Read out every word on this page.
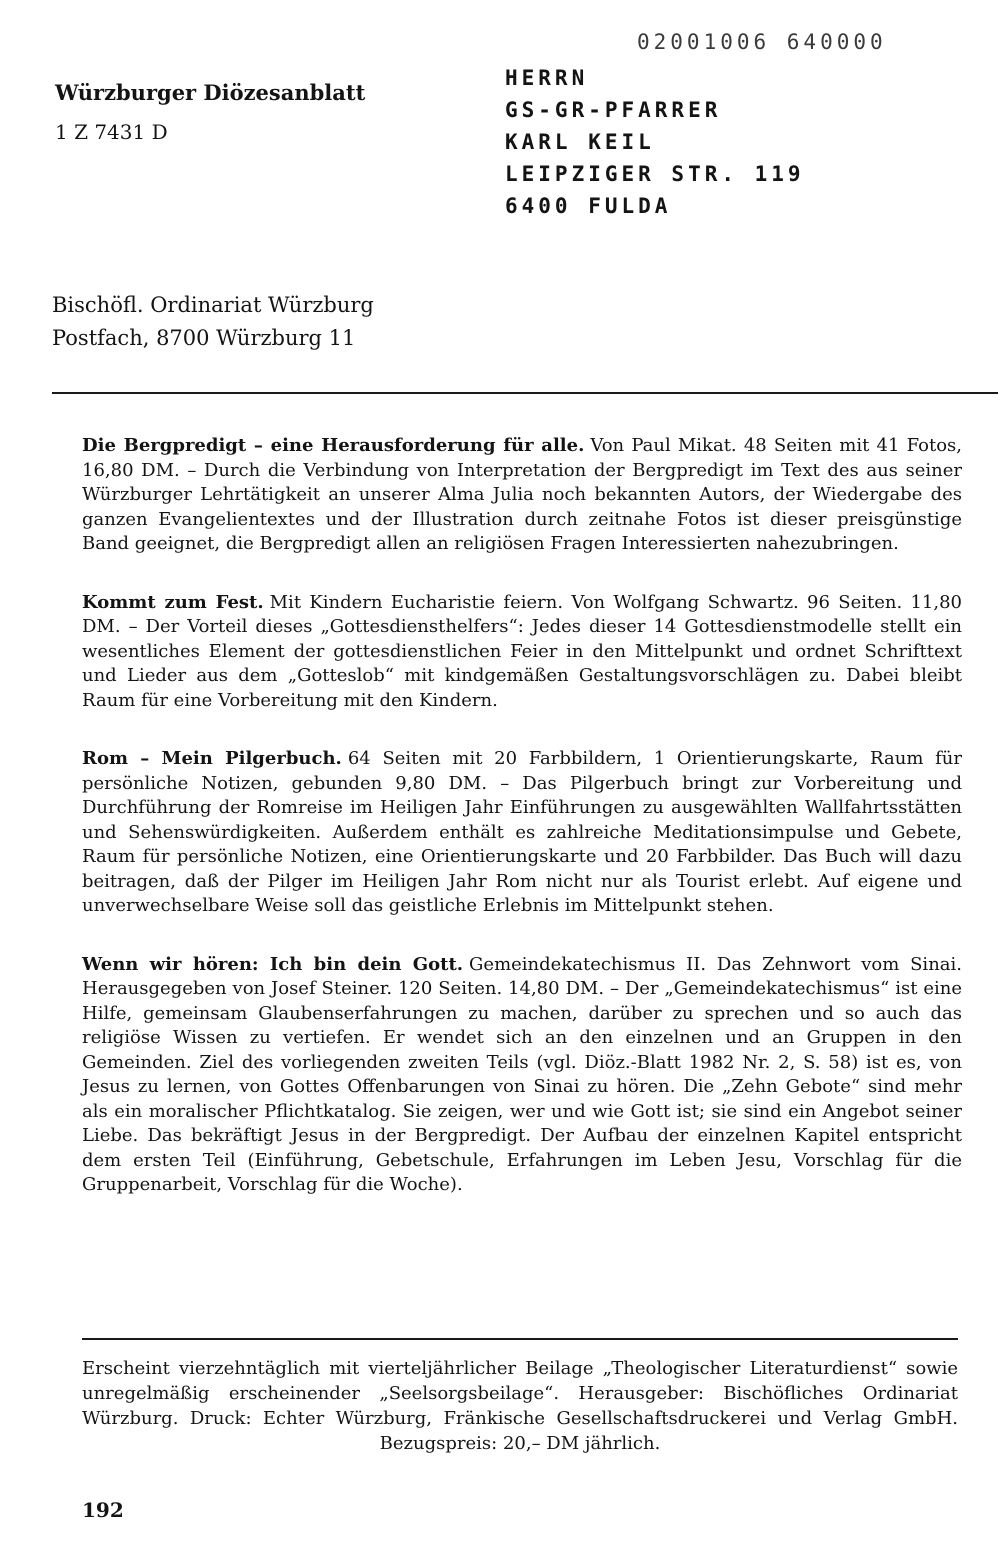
Würzburger Diözesanblatt
1 Z 7431 D
02001006 640000
HERRN
GS-GR-PFARRER
KARL KEIL
LEIPZIGER STR. 119
6400 FULDA
Bischöfl. Ordinariat Würzburg
Postfach, 8700 Würzburg 11

Die Bergpredigt – eine Herausforderung für alle. Von Paul Mikat. 48 Seiten mit 41 Fotos, 16,80 DM. – Durch die Verbindung von Interpretation der Bergpredigt im Text des aus seiner Würzburger Lehrtätigkeit an unserer Alma Julia noch bekannten Autors, der Wiedergabe des ganzen Evangelientextes und der Illustration durch zeitnahe Fotos ist dieser preisgünstige Band geeignet, die Bergpredigt allen an religiösen Fragen Interessierten nahezubringen.

Kommt zum Fest. Mit Kindern Eucharistie feiern. Von Wolfgang Schwartz. 96 Seiten. 11,80 DM. – Der Vorteil dieses „Gottesdiensthelfers“: Jedes dieser 14 Gottesdienstmodelle stellt ein wesentliches Element der gottesdienstlichen Feier in den Mittelpunkt und ordnet Schrifttext und Lieder aus dem „Gotteslob“ mit kindgemäßen Gestaltungsvorschlägen zu. Dabei bleibt Raum für eine Vorbereitung mit den Kindern.

Rom – Mein Pilgerbuch. 64 Seiten mit 20 Farbbildern, 1 Orientierungskarte, Raum für persönliche Notizen, gebunden 9,80 DM. – Das Pilgerbuch bringt zur Vorbereitung und Durchführung der Romreise im Heiligen Jahr Einführungen zu ausgewählten Wallfahrtsstätten und Sehenswürdigkeiten. Außerdem enthält es zahlreiche Meditationsimpulse und Gebete, Raum für persönliche Notizen, eine Orientierungskarte und 20 Farbbilder. Das Buch will dazu beitragen, daß der Pilger im Heiligen Jahr Rom nicht nur als Tourist erlebt. Auf eigene und unverwechselbare Weise soll das geistliche Erlebnis im Mittelpunkt stehen.

Wenn wir hören: Ich bin dein Gott. Gemeindekatechismus II. Das Zehnwort vom Sinai. Herausgegeben von Josef Steiner. 120 Seiten. 14,80 DM. – Der „Gemeindekatechismus“ ist eine Hilfe, gemeinsam Glaubenserfahrungen zu machen, darüber zu sprechen und so auch das religiöse Wissen zu vertiefen. Er wendet sich an den einzelnen und an Gruppen in den Gemeinden. Ziel des vorliegenden zweiten Teils (vgl. Diöz.-Blatt 1982 Nr. 2, S. 58) ist es, von Jesus zu lernen, von Gottes Offenbarungen von Sinai zu hören. Die „Zehn Gebote“ sind mehr als ein moralischer Pflichtkatalog. Sie zeigen, wer und wie Gott ist; sie sind ein Angebot seiner Liebe. Das bekräftigt Jesus in der Bergpredigt. Der Aufbau der einzelnen Kapitel entspricht dem ersten Teil (Einführung, Gebetschule, Erfahrungen im Leben Jesu, Vorschlag für die Gruppenarbeit, Vorschlag für die Woche).

Erscheint vierzehntäglich mit vierteljährlicher Beilage „Theologischer Literaturdienst“ sowie unregelmäßig erscheinender „Seelsorgsbeilage“. Herausgeber: Bischöfliches Ordinariat Würzburg. Druck: Echter Würzburg, Fränkische Gesellschaftsdruckerei und Verlag GmbH. Bezugspreis: 20,– DM jährlich.
192
